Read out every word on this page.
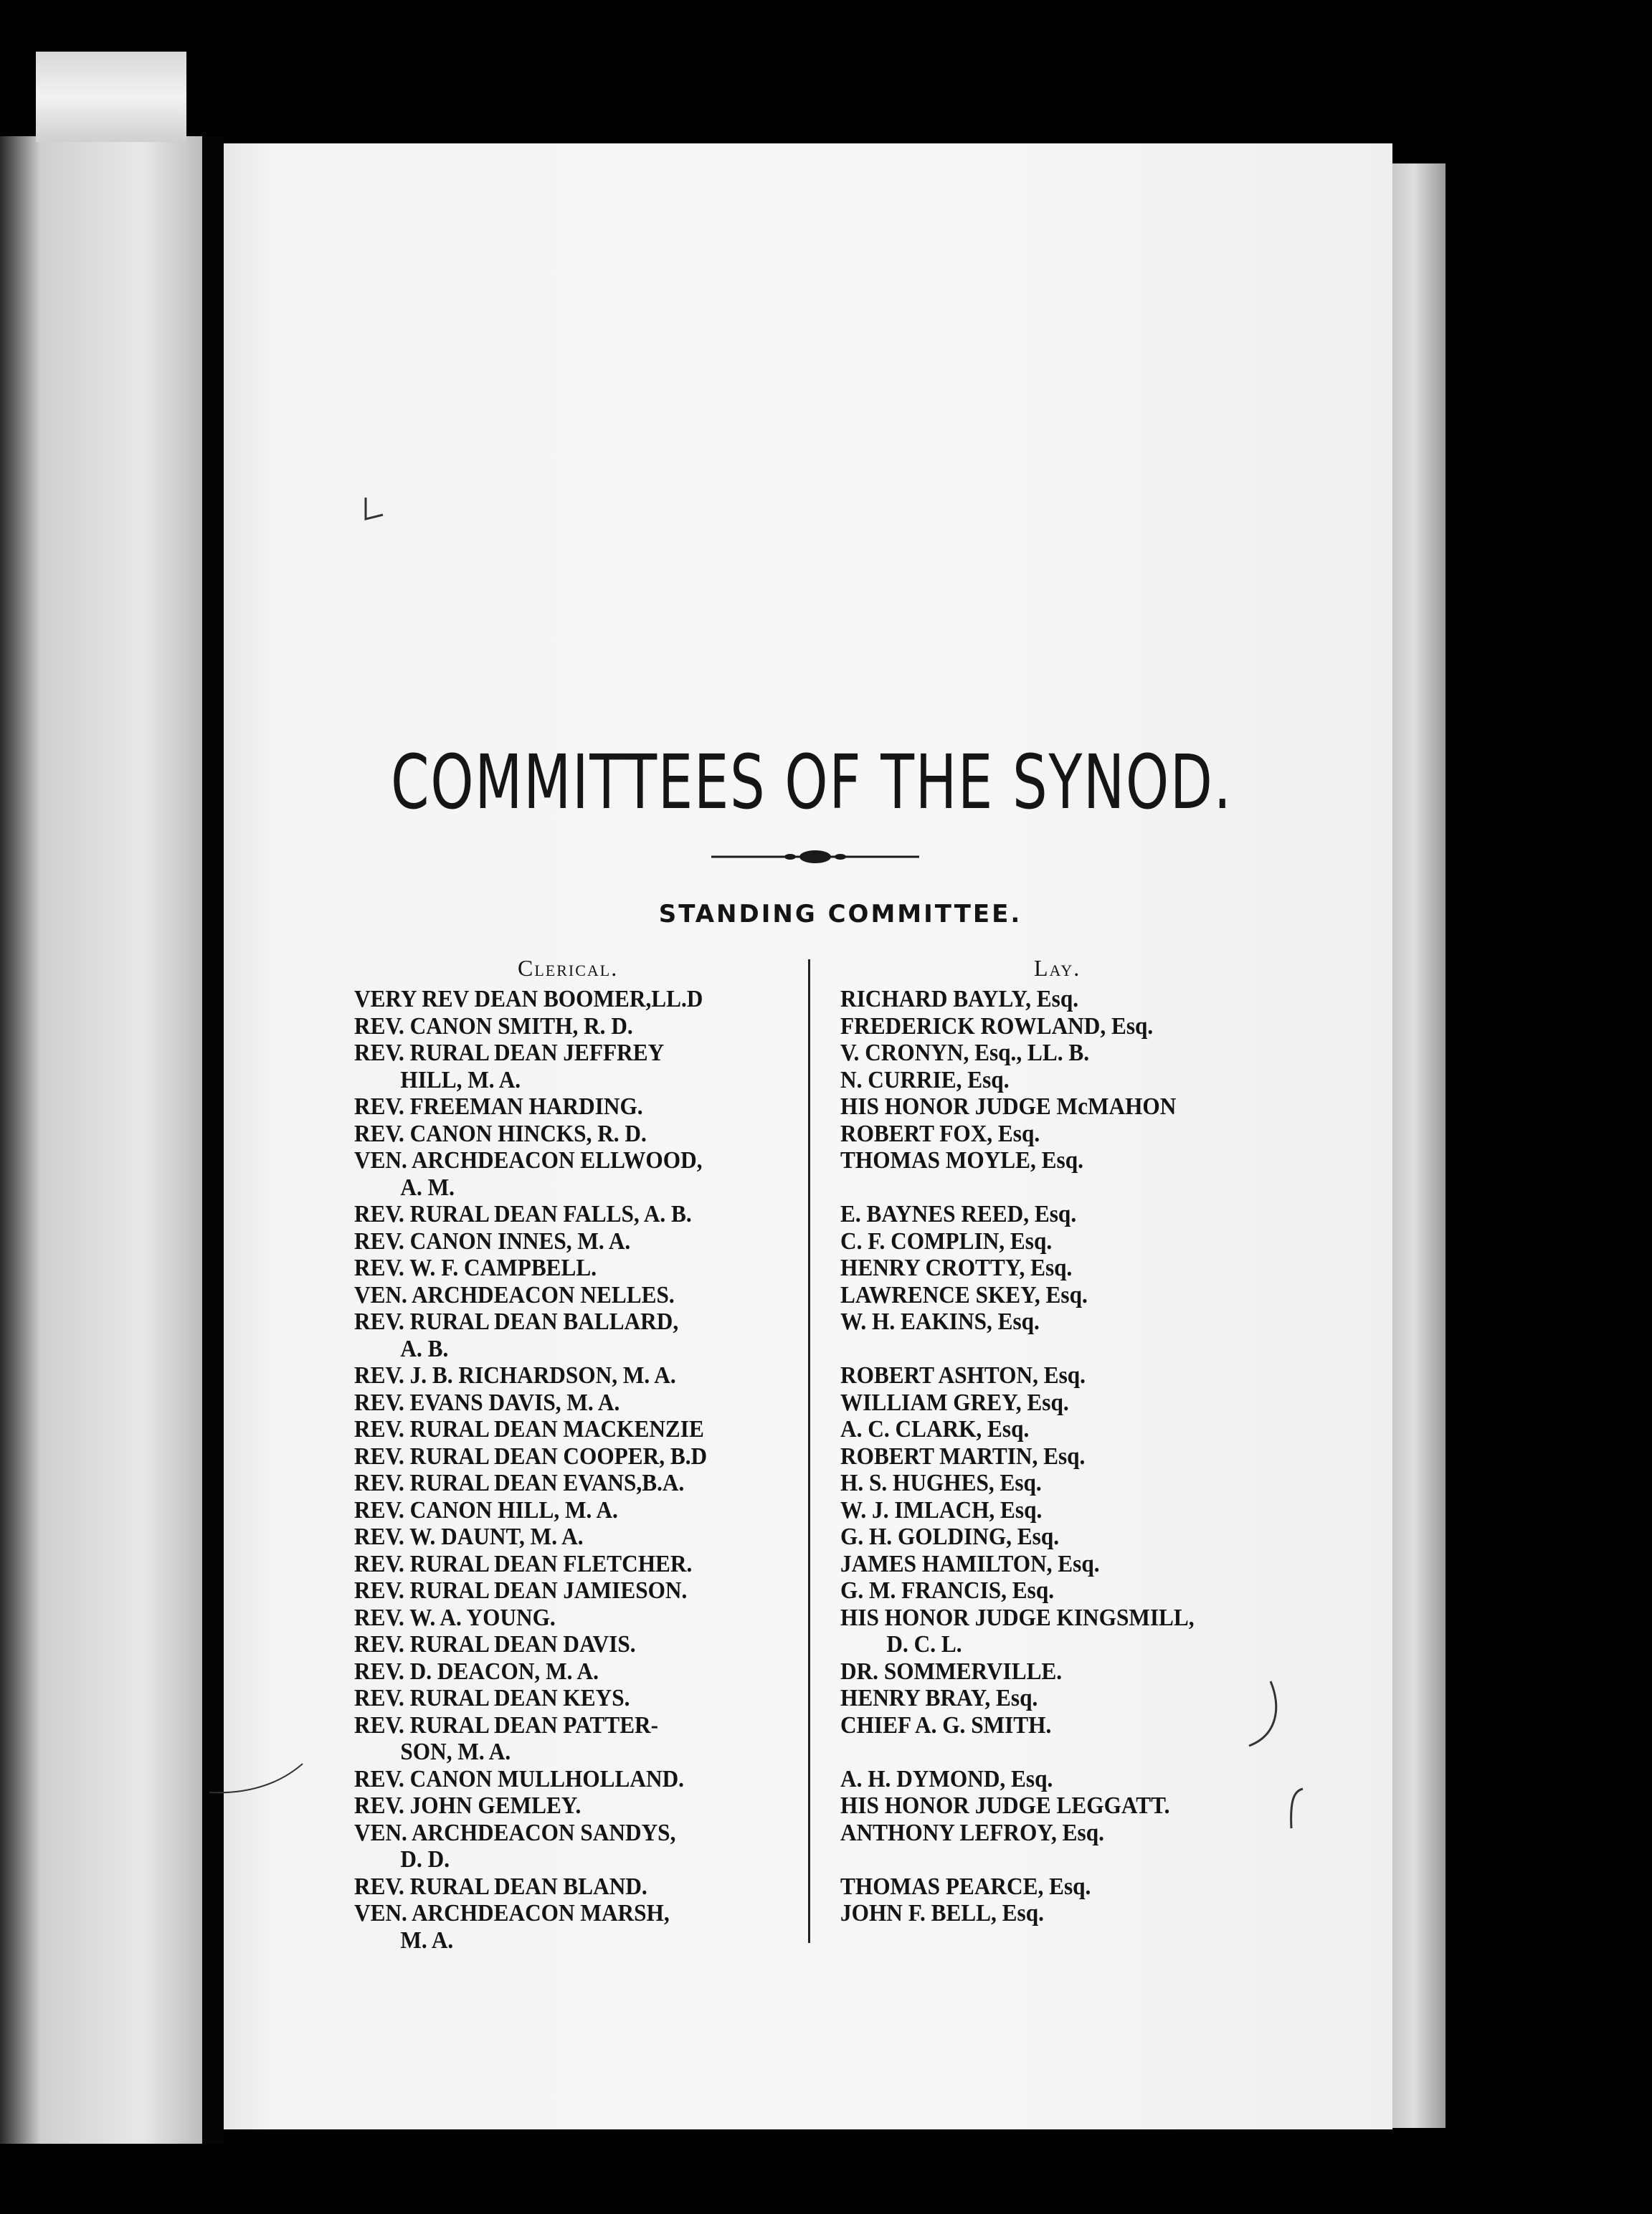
COMMITTEES OF THE SYNOD.
STANDING COMMITTEE.
Clerical.	Lay.
VERY REV DEAN BOOMER,LL.D
REV. CANON SMITH, R. D.
REV. RURAL DEAN JEFFREY
HILL, M. A.
REV. FREEMAN HARDING.
REV. CANON HINCKS, R. D.
VEN. ARCHDEACON ELLWOOD,
A. M.
REV. RURAL DEAN FALLS, A. B.
REV. CANON INNES, M. A.
REV. W. F. CAMPBELL.
VEN. ARCHDEACON NELLES.
REV. RURAL DEAN BALLARD,
A. B.
REV. J. B. RICHARDSON, M. A.
REV. EVANS DAVIS, M. A.
REV. RURAL DEAN MACKENZIE
REV. RURAL DEAN COOPER, B.D
REV. RURAL DEAN EVANS,B.A.
REV. CANON HILL, M. A.
REV. W. DAUNT, M. A.
REV. RURAL DEAN FLETCHER.
REV. RURAL DEAN JAMIESON.
REV. W. A. YOUNG.
REV. RURAL DEAN DAVIS.
REV. D. DEACON, M. A.
REV. RURAL DEAN KEYS.
REV. RURAL DEAN PATTER-
SON, M. A.
REV. CANON MULLHOLLAND.
REV. JOHN GEMLEY.
VEN. ARCHDEACON SANDYS,
D. D.
REV. RURAL DEAN BLAND.
VEN. ARCHDEACON MARSH,
M. A.
RICHARD BAYLY, Esq.
FREDERICK ROWLAND, Esq.
V. CRONYN, Esq., LL. B.
N. CURRIE, Esq.
HIS HONOR JUDGE McMAHON
ROBERT FOX, Esq.
THOMAS MOYLE, Esq.
E. BAYNES REED, Esq.
C. F. COMPLIN, Esq.
HENRY CROTTY, Esq.
LAWRENCE SKEY, Esq.
W. H. EAKINS, Esq.
ROBERT ASHTON, Esq.
WILLIAM GREY, Esq.
A. C. CLARK, Esq.
ROBERT MARTIN, Esq.
H. S. HUGHES, Esq.
W. J. IMLACH, Esq.
G. H. GOLDING, Esq.
JAMES HAMILTON, Esq.
G. M. FRANCIS, Esq.
HIS HONOR JUDGE KINGSMILL,
D. C. L.
DR. SOMMERVILLE.
HENRY BRAY, Esq.
CHIEF A. G. SMITH.
A. H. DYMOND, Esq.
HIS HONOR JUDGE LEGGATT.
ANTHONY LEFROY, Esq.
THOMAS PEARCE, Esq.
JOHN F. BELL, Esq.
